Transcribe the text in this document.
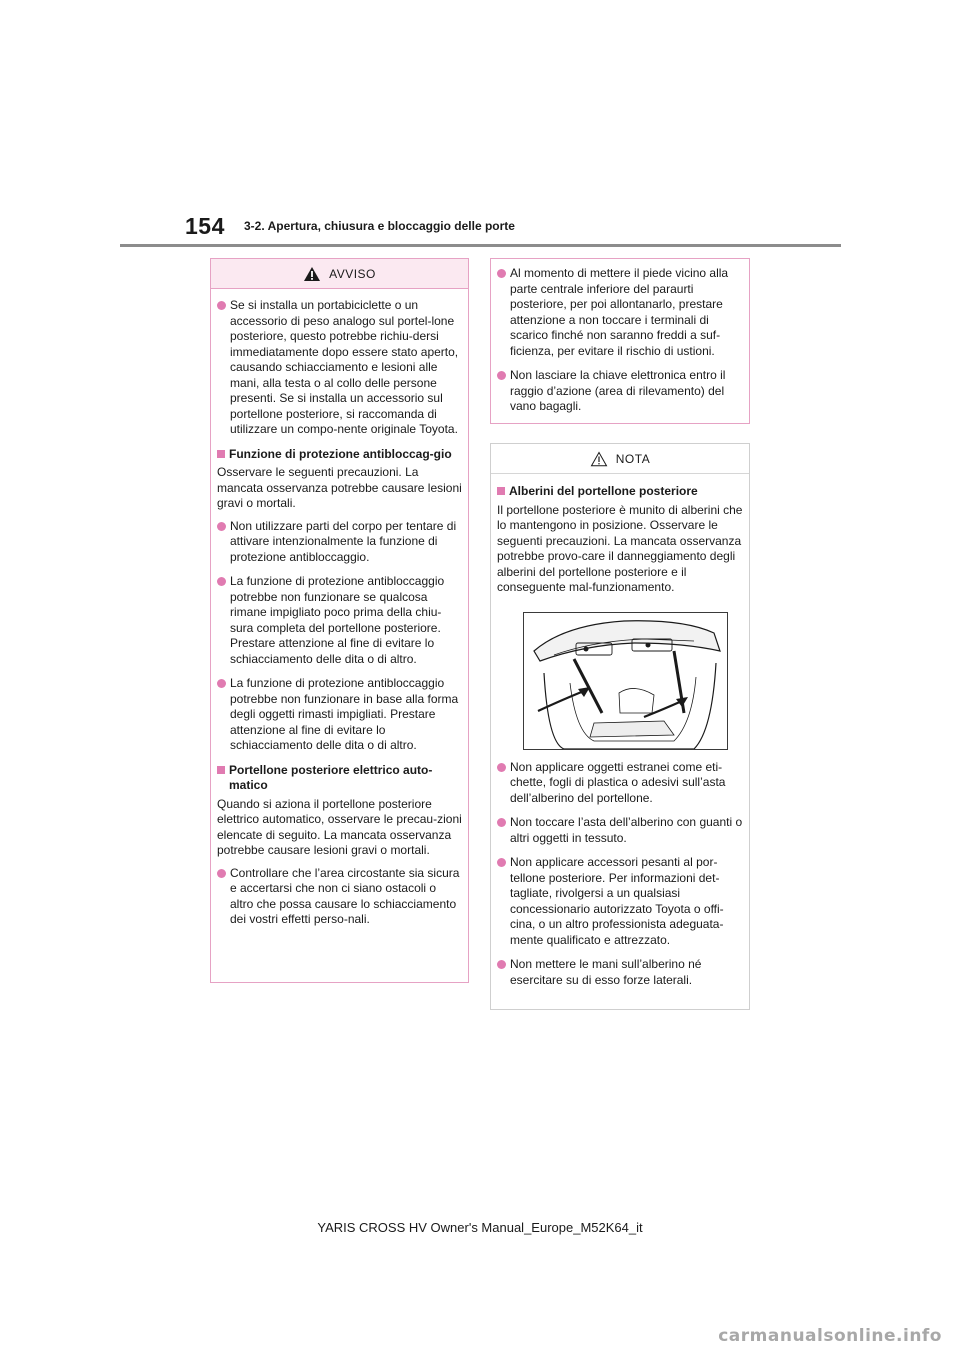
154 3-2. Apertura, chiusura e bloccaggio delle porte
AVVISO
Se si installa un portabiciclette o un accessorio di peso analogo sul portel-lone posteriore, questo potrebbe richiu-dersi immediatamente dopo essere stato aperto, causando schiacciamento e lesioni alle mani, alla testa o al collo delle persone presenti. Se si installa un accessorio sul portellone posteriore, si raccomanda di utilizzare un compo-nente originale Toyota.
Funzione di protezione antibloccag-gio

Osservare le seguenti precauzioni. La mancata osservanza potrebbe causare lesioni gravi o mortali.

Non utilizzare parti del corpo per tentare di attivare intenzionalmente la funzione di protezione antibloccaggio.
La funzione di protezione antibloccaggio potrebbe non funzionare se qualcosa rimane impigliato poco prima della chiu-sura completa del portellone posteriore. Prestare attenzione al fine di evitare lo schiacciamento delle dita o di altro.
La funzione di protezione antibloccaggio potrebbe non funzionare in base alla forma degli oggetti rimasti impigliati. Prestare attenzione al fine di evitare lo schiacciamento delle dita o di altro.
Portellone posteriore elettrico auto-matico

Quando si aziona il portellone posteriore elettrico automatico, osservare le precau-zioni elencate di seguito. La mancata osservanza potrebbe causare lesioni gravi o mortali.

Controllare che l’area circostante sia sicura e accertarsi che non ci siano ostacoli o altro che possa causare lo schiacciamento dei vostri effetti perso-nali.
Al momento di mettere il piede vicino alla parte centrale inferiore del paraurti posteriore, per poi allontanarlo, prestare attenzione a non toccare i terminali di scarico finché non saranno freddi a suf-ficienza, per evitare il rischio di ustioni.
Non lasciare la chiave elettronica entro il raggio d’azione (area di rilevamento) del vano bagagli.
NOTA
Alberini del portellone posteriore

Il portellone posteriore è munito di alberini che lo mantengono in posizione. Osservare le seguenti precauzioni. La mancata osservanza potrebbe provo-care il danneggiamento degli alberini del portellone posteriore e il conseguente mal-funzionamento.

Non applicare oggetti estranei come eti-chette, fogli di plastica o adesivi sull’asta dell’alberino del portellone.
Non toccare l’asta dell’alberino con guanti o altri oggetti in tessuto.
Non applicare accessori pesanti al por-tellone posteriore. Per informazioni det-tagliate, rivolgersi a un qualsiasi concessionario autorizzato Toyota o offi-cina, o un altro professionista adeguata-mente qualificato e attrezzato.
Non mettere le mani sull’alberino né esercitare su di esso forze laterali.
YARIS CROSS HV Owner's Manual_Europe_M52K64_it
carmanualsonline.info
